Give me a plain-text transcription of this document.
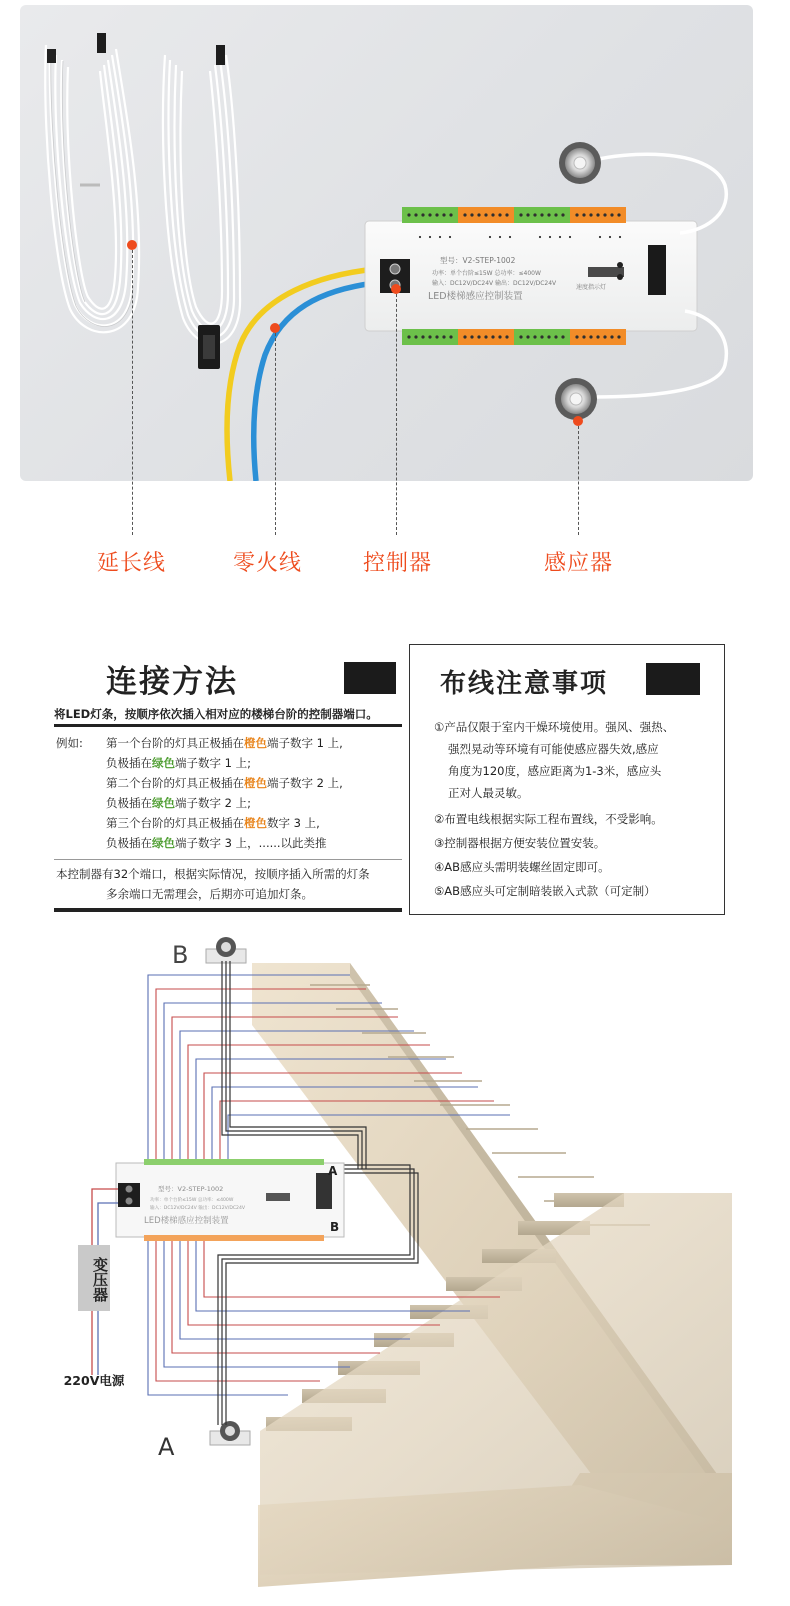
型号：V2-STEP-1002
功率：单个台阶≤15W 总功率：≤400W
输入：DC12V/DC24V 输出：DC12V/DC24V
LED楼梯感应控制装置
速度指示灯
延长线	零火线	控制器	感应器
连接方法
将LED灯条，按顺序依次插入相对应的楼梯台阶的控制器端口。
例如: 第一个台阶的灯具正极插在橙色端子数字 1 上,
负极插在绿色端子数字 1 上;
第二个台阶的灯具正极插在橙色端子数字 2 上,
负极插在绿色端子数字 2 上;
第三个台阶的灯具正极插在橙色数字 3 上,
负极插在绿色端子数字 3 上，......以此类推
本控制器有32个端口，根据实际情况，按顺序插入所需的灯条
多余端口无需理会，后期亦可追加灯条。
布线注意事项
①产品仅限于室内干燥环境使用。强风、强热、
强烈晃动等环境有可能使感应器失效,感应
角度为120度，感应距离为1-3米，感应头
正对人最灵敏。
②布置电线根据实际工程布置线，不受影响。
③控制器根据方便安装位置安装。
④AB感应头需明装螺丝固定即可。
⑤AB感应头可定制暗装嵌入式款（可定制）
型号：V2-STEP-1002
功率：单个台阶≤15W 总功率：≤400W
输入：DC12V/DC24V 输出：DC12V/DC24V
LED楼梯感应控制装置
B
A
A
B
220V电源
变压器
